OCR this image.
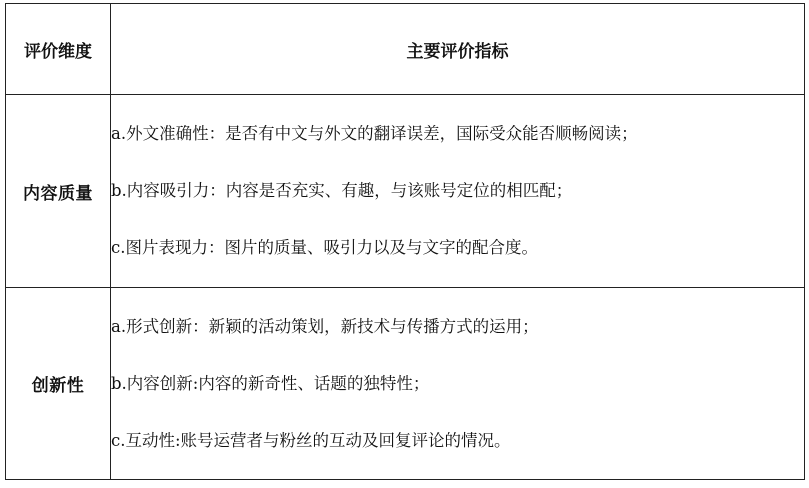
评价维度	主要评价指标
内容质量	a.外文准确性：是否有中文与外文的翻译误差，国际受众能否顺畅阅读；

b.内容吸引力：内容是否充实、有趣，与该账号定位的相匹配；

c.图片表现力：图片的质量、吸引力以及与文字的配合度。

创新性	a.形式创新：新颖的活动策划，新技术与传播方式的运用；

b.内容创新:内容的新奇性、话题的独特性；

c.互动性:账号运营者与粉丝的互动及回复评论的情况。
